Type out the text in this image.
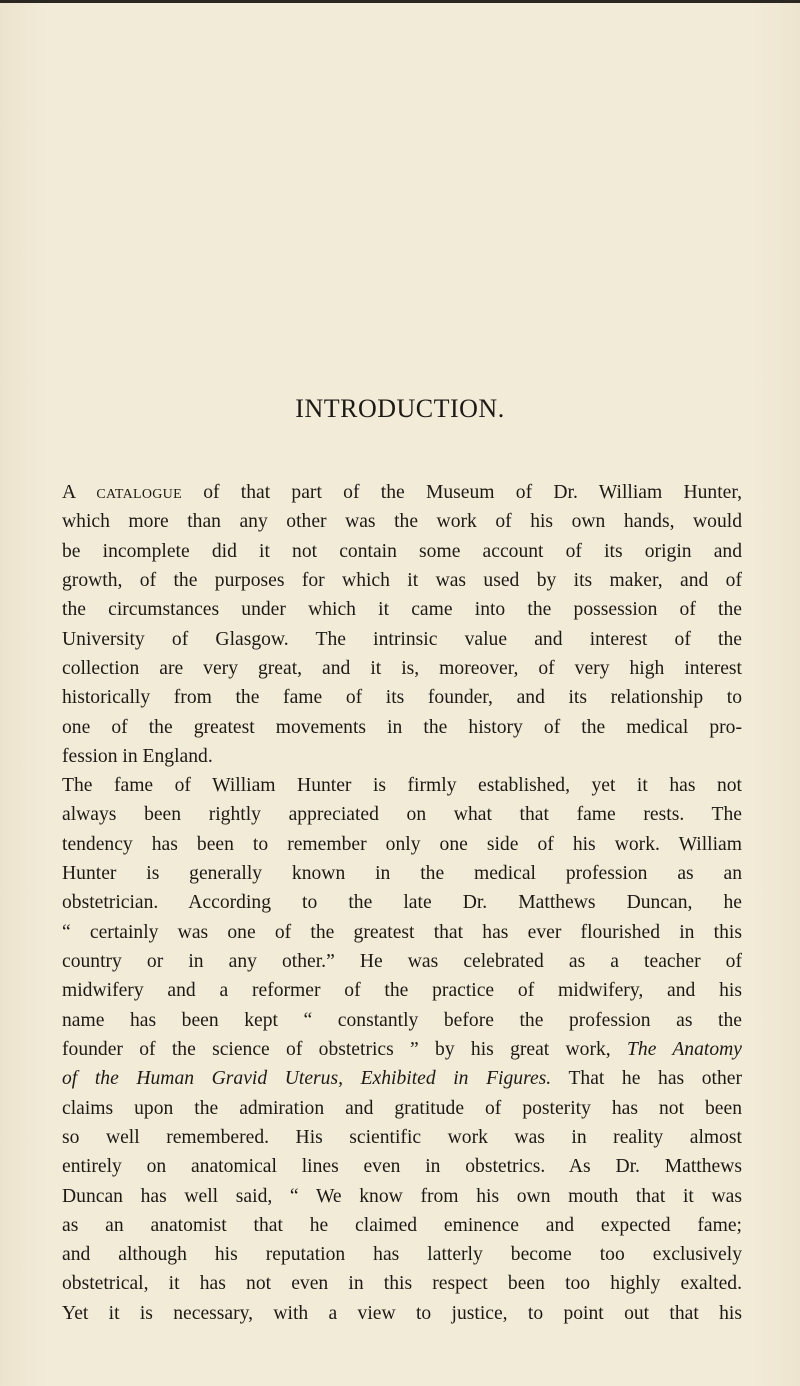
INTRODUCTION.
A catalogue of that part of the Museum of Dr. William Hunter,
which more than any other was the work of his own hands, would
be incomplete did it not contain some account of its origin and
growth, of the purposes for which it was used by its maker, and of
the circumstances under which it came into the possession of the
University of Glasgow. The intrinsic value and interest of the
collection are very great, and it is, moreover, of very high interest
historically from the fame of its founder, and its relationship to
one of the greatest movements in the history of the medical pro-
fession in England.
The fame of William Hunter is firmly established, yet it has not
always been rightly appreciated on what that fame rests. The
tendency has been to remember only one side of his work. William
Hunter is generally known in the medical profession as an
obstetrician. According to the late Dr. Matthews Duncan, he
“ certainly was one of the greatest that has ever flourished in this
country or in any other.” He was celebrated as a teacher of
midwifery and a reformer of the practice of midwifery, and his
name has been kept “ constantly before the profession as the
founder of the science of obstetrics ” by his great work, The Anatomy
of the Human Gravid Uterus, Exhibited in Figures. That he has other
claims upon the admiration and gratitude of posterity has not been
so well remembered. His scientific work was in reality almost
entirely on anatomical lines even in obstetrics. As Dr. Matthews
Duncan has well said, “ We know from his own mouth that it was
as an anatomist that he claimed eminence and expected fame;
and although his reputation has latterly become too exclusively
obstetrical, it has not even in this respect been too highly exalted.
Yet it is necessary, with a view to justice, to point out that his
